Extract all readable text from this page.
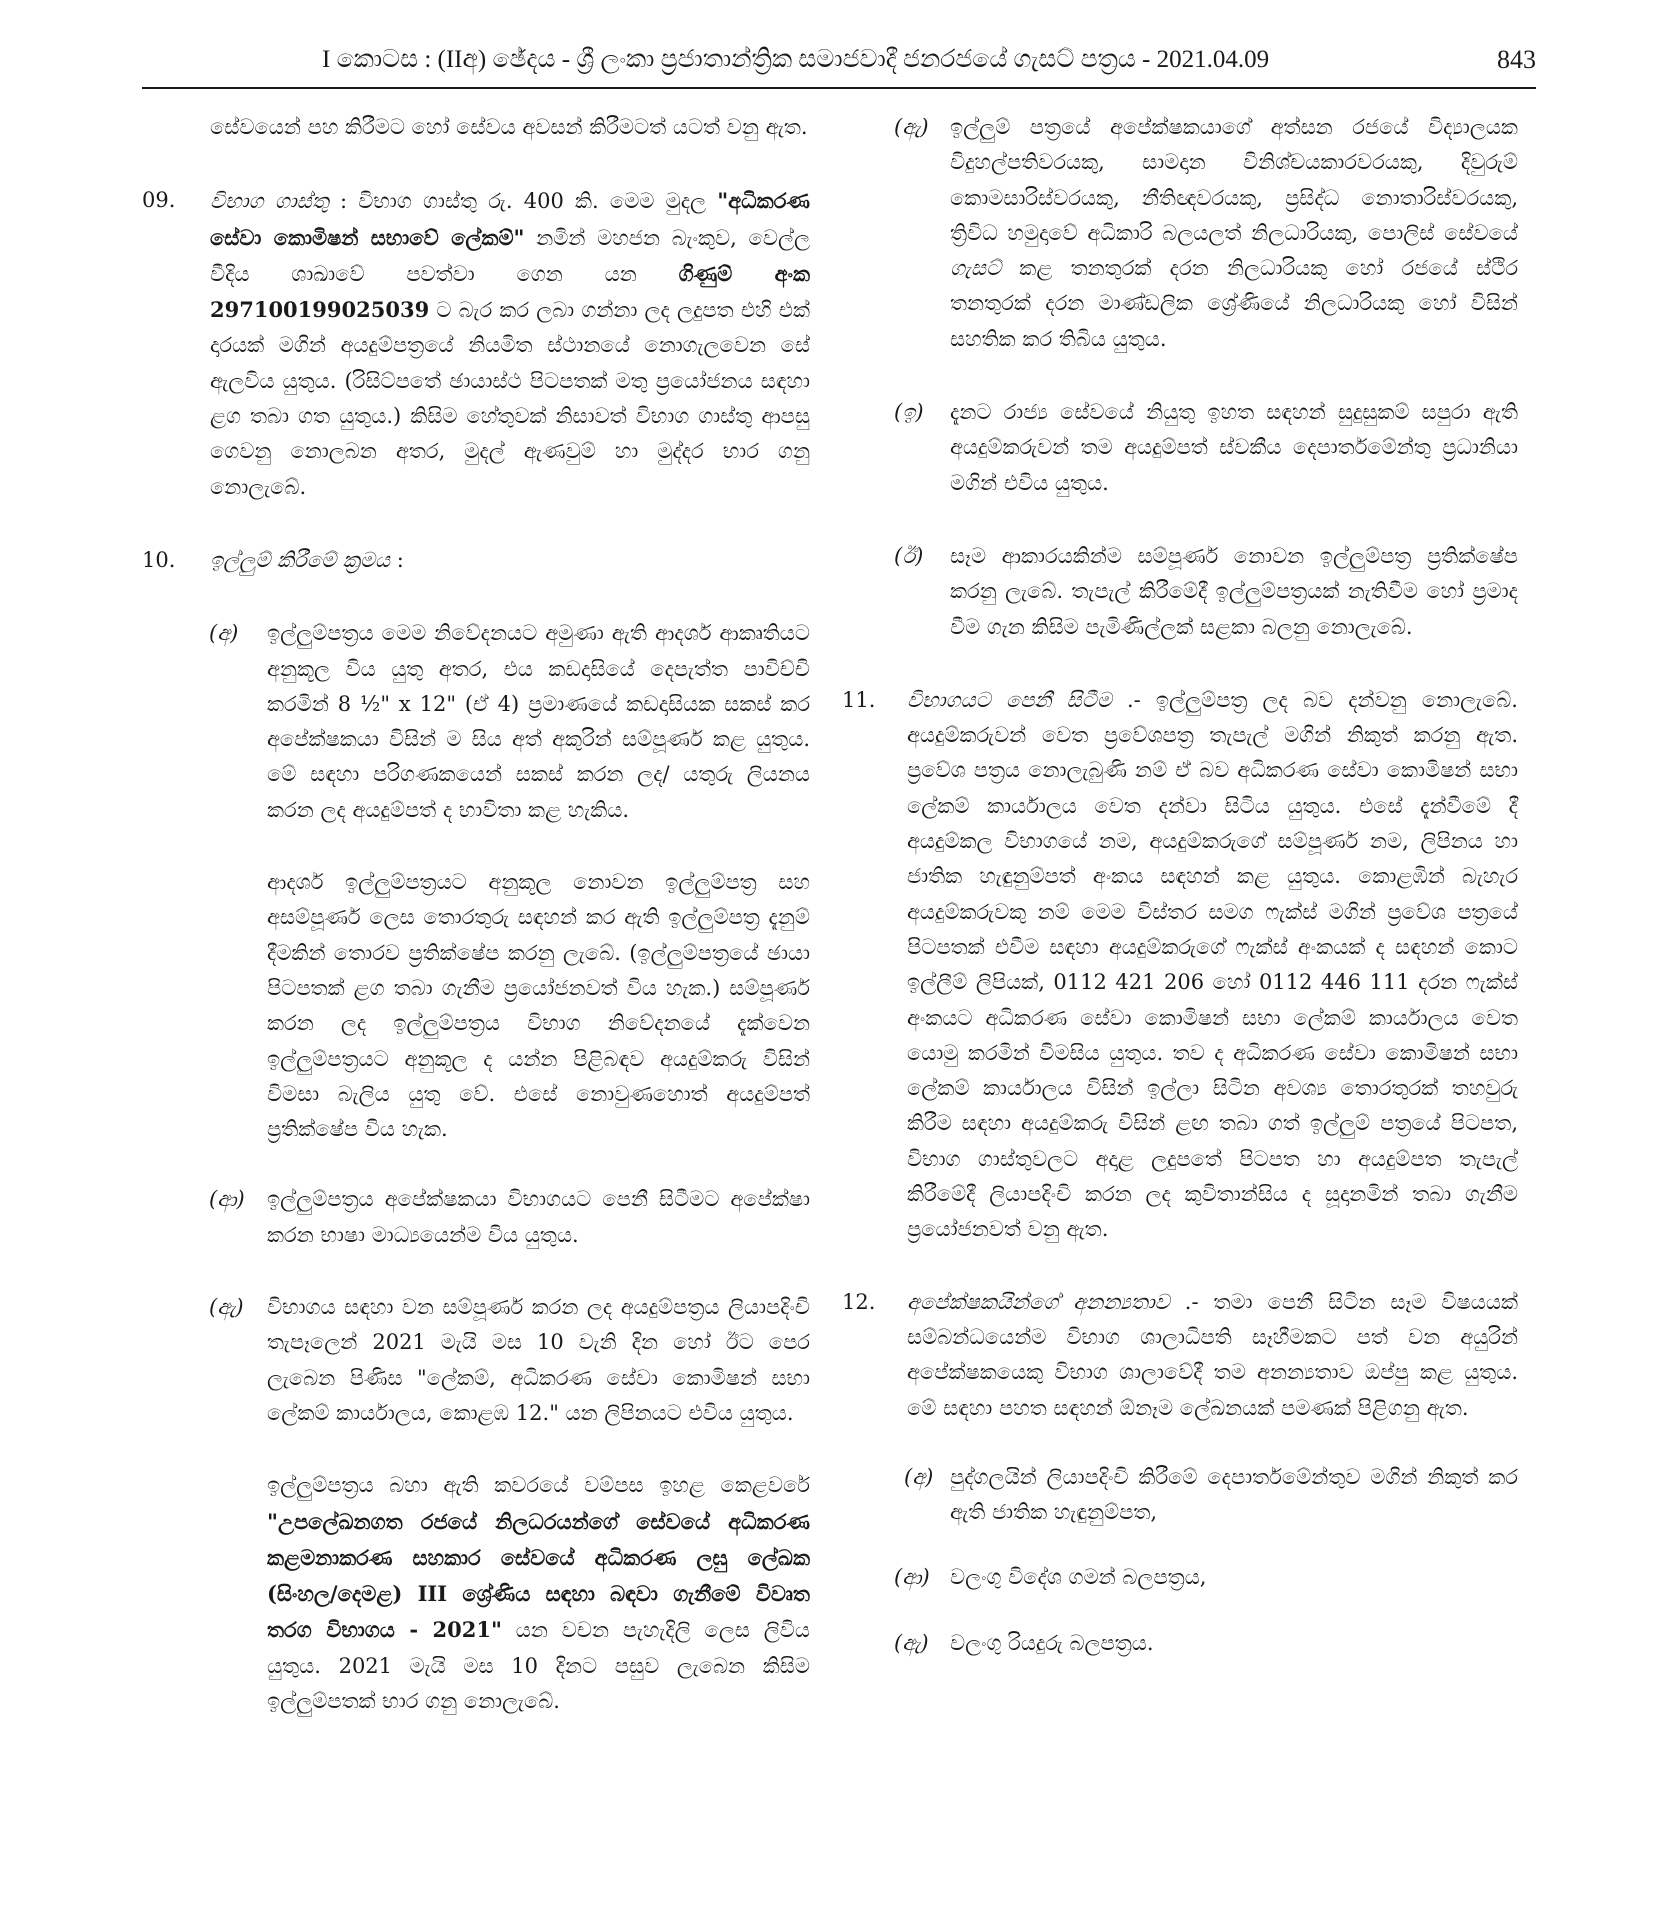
I කොටස : (IIඅ) ඡේදය - ශ්‍රී ලංකා ප්‍රජාතාන්ත්‍රික සමාජවාදී ජනරජයේ ගැසට් පත්‍රය - 2021.04.09	843

සේවයෙන් පහ කිරීමට හෝ සේවය අවසන් කිරීමටත් යටත් වනු ඇත.

09. විභාග ගාස්තු : විභාග ගාස්තු රු. 400 කි. මෙම මුදල "අධිකරණ සේවා කොමිෂන් සභාවේ ලේකම්" නමින් මහජන බැංකුව, වෙල්ල වීදිය ශාඛාවේ පවත්වා ගෙන යන ගිණුම් අංක 297100199025039 ට බැර කර ලබා ගන්නා ලද ලදුපත එහි එක් දාරයක් මගින් අයදුම්පත්‍රයේ නියමිත ස්ථානයේ නොගැලවෙන සේ ඇලවිය යුතුය. (රිසිට්පතේ ඡායාස්ථ පිටපතක් මතු ප්‍රයෝජනය සඳහා ළග තබා ගත යුතුය.) කිසිම හේතුවක් නිසාවත් විභාග ගාස්තු ආපසු ගෙවනු නොලබන අතර, මුදල් ඇණවුම් හා මුද්දර භාර ගනු නොලැබේ.

10. ඉල්ලුම් කිරීමේ ක්‍රමය :

(අ) ඉල්ලුම්පත්‍රය මෙම නිවේදනයට අමුණා ඇති ආදර්ශ ආකෘතියට අනුකූල විය යුතු අතර, එය කඩදාසියේ දෙපැත්ත පාවිච්චි කරමින් 8 ½" x 12" (ඒ 4) ප්‍රමාණයේ කඩදාසියක සකස් කර අපේක්ෂකයා විසින් ම සිය අත් අකුරින් සම්පූර්ණ කළ යුතුය. මේ සඳහා පරිගණකයෙන් සකස් කරන ලද/ යතුරු ලියනය කරන ලද අයදුම්පත් ද භාවිතා කළ හැකිය.

ආදර්ශ ඉල්ලුම්පත්‍රයට අනුකූල නොවන ඉල්ලුම්පත්‍ර සහ අසම්පූර්ණ ලෙස තොරතුරු සඳහන් කර ඇති ඉල්ලුම්පත්‍ර දැනුම් දීමකින් තොරව ප්‍රතික්ෂේප කරනු ලැබේ. (ඉල්ලුම්පත්‍රයේ ඡායා පිටපතක් ළග තබා ගැනීම ප්‍රයෝජනවත් විය හැක.) සම්පූර්ණ කරන ලද ඉල්ලුම්පත්‍රය විභාග නිවේදනයේ දැක්වෙන ඉල්ලුම්පත්‍රයට අනුකූල ද යන්න පිළිබඳව අයදුම්කරු විසින් විමසා බැලිය යුතු වේ. එසේ නොවුණහොත් අයදුම්පත් ප්‍රතික්ෂේප විය හැක.

(ආ) ඉල්ලුම්පත්‍රය අපේක්ෂකයා විභාගයට පෙනී සිටීමට අපේක්ෂා කරන භාෂා මාධ්‍යයෙන්ම විය යුතුය.

(ඇ) විභාගය සඳහා වන සම්පූර්ණ කරන ලද අයදුම්පත්‍රය ලියාපදිංචි තැපෑලෙන් 2021 මැයි මස 10 වැනි දින හෝ ඊට පෙර ලැබෙන පිණිස "ලේකම්, අධිකරණ සේවා කොමිෂන් සභා ලේකම් කාර්යාලය, කොළඹ 12." යන ලිපිනයට එවිය යුතුය.

ඉල්ලුම්පත්‍රය බහා ඇති කවරයේ වම්පස ඉහළ කෙළවරේ "උපලේඛනගත රජයේ නිලධරයන්ගේ සේවයේ අධිකරණ කළමනාකරණ සහකාර සේවයේ අධිකරණ ලඝු ලේඛක (සිංහල/දෙමළ) III ශ්‍රේණිය සඳහා බඳවා ගැනීමේ විවෘත තරග විභාගය - 2021" යන වචන පැහැදිලි ලෙස ලිවිය යුතුය. 2021 මැයි මස 10 දිනට පසුව ලැබෙන කිසිම ඉල්ලුම්පතක් භාර ගනු නොලැබේ.

(ඇ) ඉල්ලුම් පත්‍රයේ අපේක්ෂකයාගේ අත්සන රජයේ විද්‍යාලයක විදුහල්පතිවරයකු, සාමදාන විනිශ්චයකාරවරයකු, දිවුරුම් කොමසාරිස්වරයකු, නීතිඥවරයකු, ප්‍රසිද්ධ නොතාරිස්වරයකු, ත්‍රිවිධ හමුදාවේ අධිකාරි බලයලත් නිලධාරියකු, පොලිස් සේවයේ ගැසට් කළ තනතුරක් දරන නිලධාරියකු හෝ රජයේ ස්ථිර තනතුරක් දරන මාණ්ඩලික ශ්‍රේණියේ නිලධාරියකු හෝ විසින් සහතික කර තිබිය යුතුය.

(ඉ) දැනට රාජ්‍ය සේවයේ නියුතු ඉහත සඳහන් සුදුසුකම් සපුරා ඇති අයදුම්කරුවන් තම අයදුම්පත් ස්වකීය දෙපාර්තමේන්තු ප්‍රධානියා මගින් එවිය යුතුය.

(ඊ) සෑම ආකාරයකින්ම සම්පූර්ණ නොවන ඉල්ලුම්පත්‍ර ප්‍රතික්ෂේප කරනු ලැබේ. තැපැල් කිරීමේදී ඉල්ලුම්පත්‍රයක් නැතිවීම හෝ ප්‍රමාද වීම ගැන කිසිම පැමිණිල්ලක් සළකා බලනු නොලැබේ.

11. විභාගයට පෙනී සිටීම .- ඉල්ලුම්පත්‍ර ලද බව දන්වනු නොලැබේ. අයදුම්කරුවන් වෙත ප්‍රවේශපත්‍ර තැපැල් මගින් නිකුත් කරනු ඇත. ප්‍රවේශ පත්‍රය නොලැබුණි නම් ඒ බව අධිකරණ සේවා කොමිෂන් සභා ලේකම් කාර්යාලය වෙත දන්වා සිටිය යුතුය. එසේ දැන්වීමේ දී අයදුම්කල විභාගයේ නම, අයදුම්කරුගේ සම්පූර්ණ නම, ලිපිනය හා ජාතික හැඳුනුම්පත් අංකය සඳහන් කළ යුතුය. කොළඹින් බැහැර අයදුම්කරුවකු නම් මෙම විස්තර සමග ෆැක්ස් මගින් ප්‍රවේශ පත්‍රයේ පිටපතක් එවීම සඳහා අයදුම්කරුගේ ෆැක්ස් අංකයක් ද සඳහන් කොට ඉල්ලීම් ලිපියක්, 0112 421 206 හෝ 0112 446 111 දරන ෆැක්ස් අංකයට අධිකරණ සේවා කොමිෂන් සභා ලේකම් කාර්යාලය වෙත යොමු කරමින් විමසිය යුතුය. තව ද අධිකරණ සේවා කොමිෂන් සභා ලේකම් කාර්යාලය විසින් ඉල්ලා සිටින අවශ්‍ය තොරතුරක් තහවුරු කිරීම සඳහා අයදුම්කරු විසින් ළඟ තබා ගත් ඉල්ලුම් පත්‍රයේ පිටපත, විභාග ගාස්තුවලට අදාළ ලදුපතේ පිටපත හා අයදුම්පත තැපැල් කිරීමේදී ලියාපදිංචි කරන ලද කුවිතාන්සිය ද සූදානමින් තබා ගැනීම ප්‍රයෝජනවත් වනු ඇත.

12. අපේක්ෂකයින්ගේ අනන්‍යතාව .- තමා පෙනී සිටින සෑම විෂයයක් සම්බන්ධයෙන්ම විභාග ශාලාධිපති සෑහීමකට පත් වන අයුරින් අපේක්ෂකයෙකු විභාග ශාලාවේදී තම අනන්‍යතාව ඔප්පු කළ යුතුය. මේ සඳහා පහත සඳහන් ඕනෑම ලේඛනයක් පමණක් පිළිගනු ඇත.

(අ) පුද්ගලයින් ලියාපදිංචි කිරීමේ දෙපාර්තමේන්තුව මගින් නිකුත් කර ඇති ජාතික හැඳුනුම්පත,

(ආ) වලංගු විදේශ ගමන් බලපත්‍රය,

(ඇ) වලංගු රියදුරු බලපත්‍රය.
